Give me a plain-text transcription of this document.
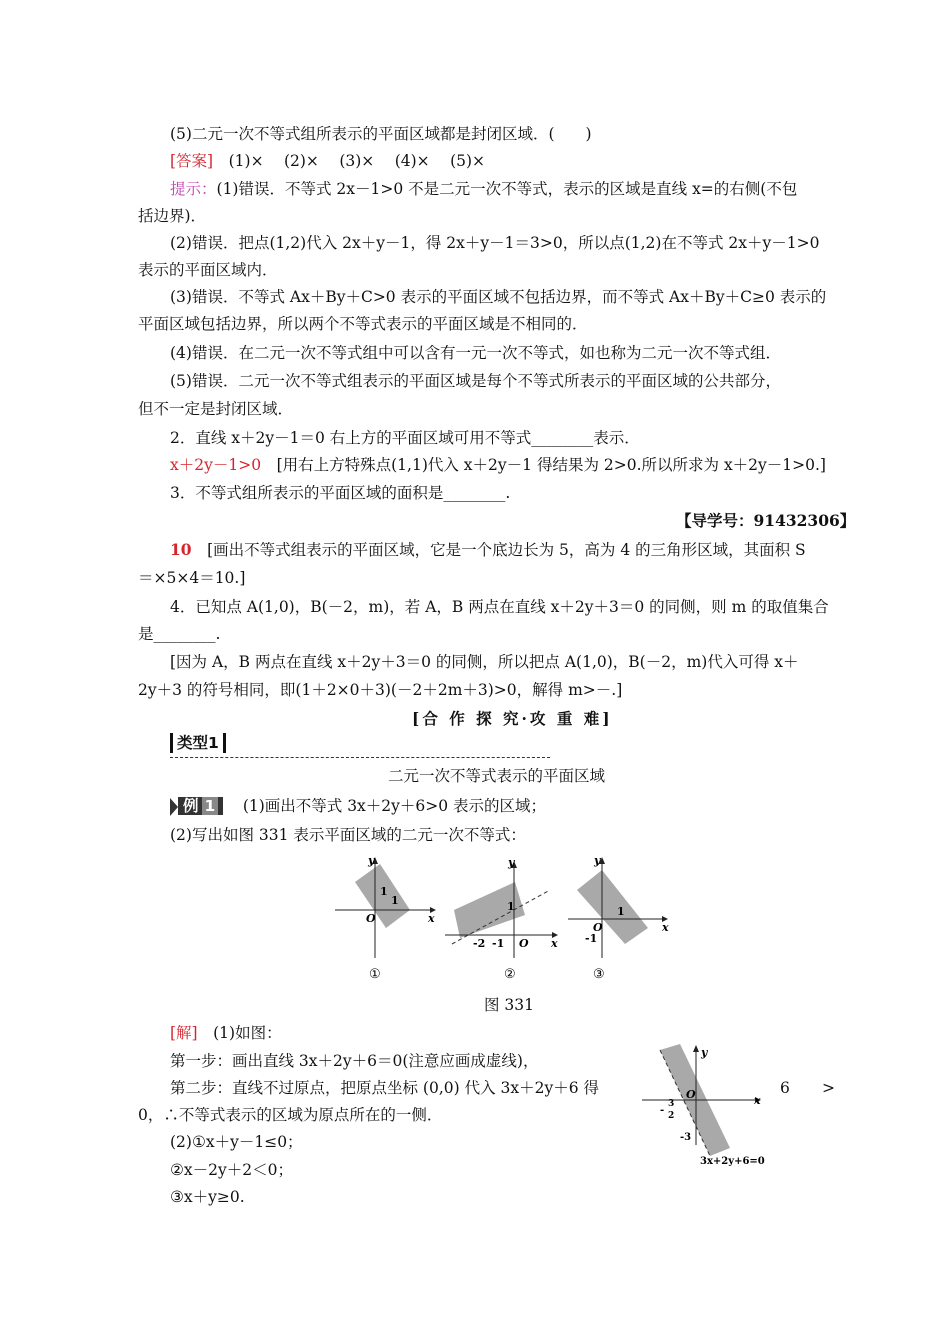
(5)二元一次不等式组所表示的平面区域都是封闭区域．(　　)
[答案]　(1)×　 (2)×　 (3)×　 (4)×　 (5)×
提示：(1)错误．不等式 2x－1>0 不是二元一次不等式，表示的区域是直线 x=的右侧(不包
括边界)．
(2)错误．把点(1,2)代入 2x＋y－1，得 2x＋y－1＝3>0，所以点(1,2)在不等式 2x＋y－1>0
表示的平面区域内．
(3)错误．不等式 Ax＋By＋C>0 表示的平面区域不包括边界，而不等式 Ax＋By＋C≥0 表示的
平面区域包括边界，所以两个不等式表示的平面区域是不相同的．
(4)错误．在二元一次不等式组中可以含有一元一次不等式，如也称为二元一次不等式组．
(5)错误．二元一次不等式组表示的平面区域是每个不等式所表示的平面区域的公共部分，
但不一定是封闭区域．
2．直线 x＋2y－1＝0 右上方的平面区域可用不等式________表示．
x＋2y－1>0　[用右上方特殊点(1,1)代入 x＋2y－1 得结果为 2>0.所以所求为 x＋2y－1>0.]
3．不等式组所表示的平面区域的面积是________.
【导学号：91432306】
10　[画出不等式组表示的平面区域，它是一个底边长为 5，高为 4 的三角形区域，其面积 S
＝×5×4＝10.]
4．已知点 A(1,0)，B(－2，m)，若 A，B 两点在直线 x＋2y＋3＝0 的同侧，则 m 的取值集合
是________.
[因为 A，B 两点在直线 x＋2y＋3＝0 的同侧，所以把点 A(1,0)，B(－2，m)代入可得 x＋
2y＋3 的符号相同，即(1＋2×0＋3)(－2＋2m＋3)>0，解得 m>－.]
[合 作 探 究·攻 重 难]
类型1
二元一次不等式表示的平面区域
例 1　(1)画出不等式 3x＋2y＋6>0 表示的区域；
(2)写出如图 331 表示平面区域的二元一次不等式：
y
x
O
1
1
①
y
x
O
1
-2 -1
②
y
x
O
1
-1
③
图 331
[解]　(1)如图：
第一步：画出直线 3x＋2y＋6＝0(注意应画成虚线)，
第二步：直线不过原点，把原点坐标 (0,0) 代入 3x＋2y＋6 得	6 >
0，∴不等式表示的区域为原点所在的一侧．
(2)①x＋y－1≤0；
②x－2y＋2＜0；
③x＋y≥0.
y
x
O
-
3
2
-3
3x+2y+6=0
